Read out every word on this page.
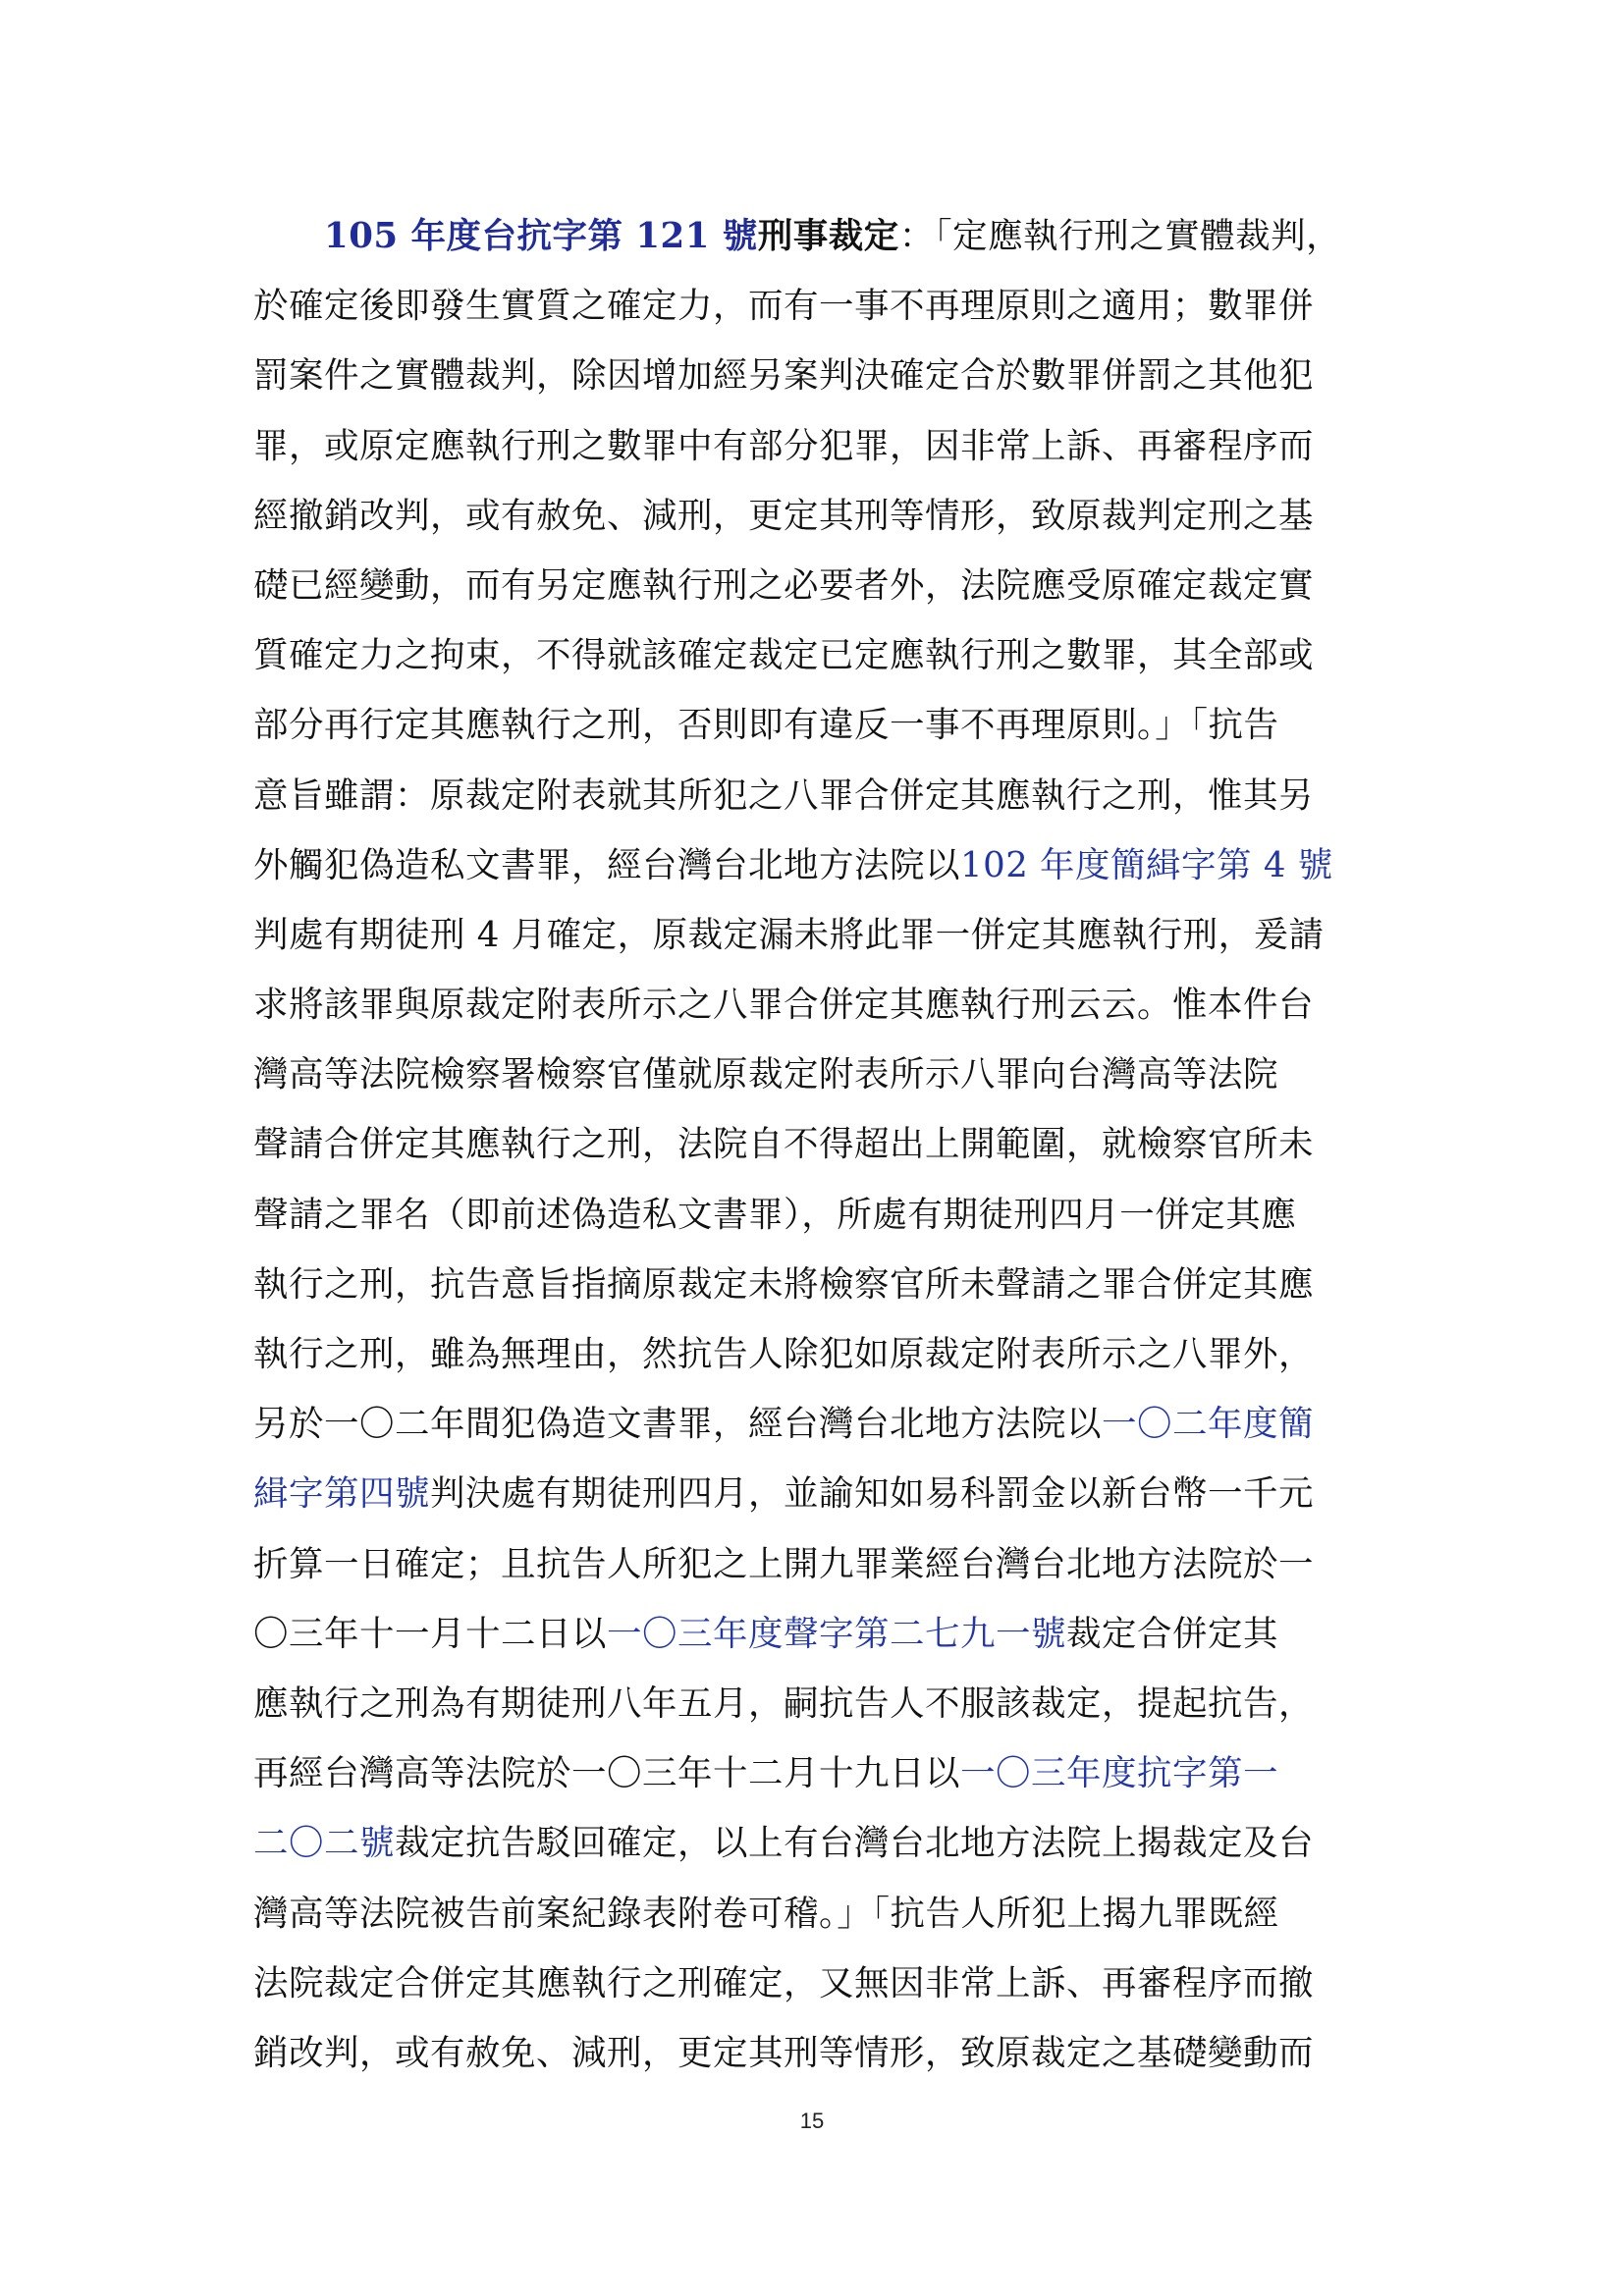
105 年度台抗字第 121 號刑事裁定：「定應執行刑之實體裁判，
於確定後即發生實質之確定力，而有一事不再理原則之適用；數罪併
罰案件之實體裁判，除因增加經另案判決確定合於數罪併罰之其他犯
罪，或原定應執行刑之數罪中有部分犯罪，因非常上訴、再審程序而
經撤銷改判，或有赦免、減刑，更定其刑等情形，致原裁判定刑之基
礎已經變動，而有另定應執行刑之必要者外，法院應受原確定裁定實
質確定力之拘束，不得就該確定裁定已定應執行刑之數罪，其全部或
部分再行定其應執行之刑，否則即有違反一事不再理原則。」「抗告
意旨雖謂：原裁定附表就其所犯之八罪合併定其應執行之刑，惟其另
外觸犯偽造私文書罪，經台灣台北地方法院以102 年度簡緝字第 4 號
判處有期徒刑 4 月確定，原裁定漏未將此罪一併定其應執行刑，爰請
求將該罪與原裁定附表所示之八罪合併定其應執行刑云云。惟本件台
灣高等法院檢察署檢察官僅就原裁定附表所示八罪向台灣高等法院
聲請合併定其應執行之刑，法院自不得超出上開範圍，就檢察官所未
聲請之罪名（即前述偽造私文書罪），所處有期徒刑四月一併定其應
執行之刑，抗告意旨指摘原裁定未將檢察官所未聲請之罪合併定其應
執行之刑，雖為無理由，然抗告人除犯如原裁定附表所示之八罪外，
另於一〇二年間犯偽造文書罪，經台灣台北地方法院以一〇二年度簡
緝字第四號判決處有期徒刑四月，並諭知如易科罰金以新台幣一千元
折算一日確定；且抗告人所犯之上開九罪業經台灣台北地方法院於一
〇三年十一月十二日以一〇三年度聲字第二七九一號裁定合併定其
應執行之刑為有期徒刑八年五月，嗣抗告人不服該裁定，提起抗告，
再經台灣高等法院於一〇三年十二月十九日以一〇三年度抗字第一
二〇二號裁定抗告駁回確定，以上有台灣台北地方法院上揭裁定及台
灣高等法院被告前案紀錄表附卷可稽。」「抗告人所犯上揭九罪既經
法院裁定合併定其應執行之刑確定，又無因非常上訴、再審程序而撤
銷改判，或有赦免、減刑，更定其刑等情形，致原裁定之基礎變動而
15
